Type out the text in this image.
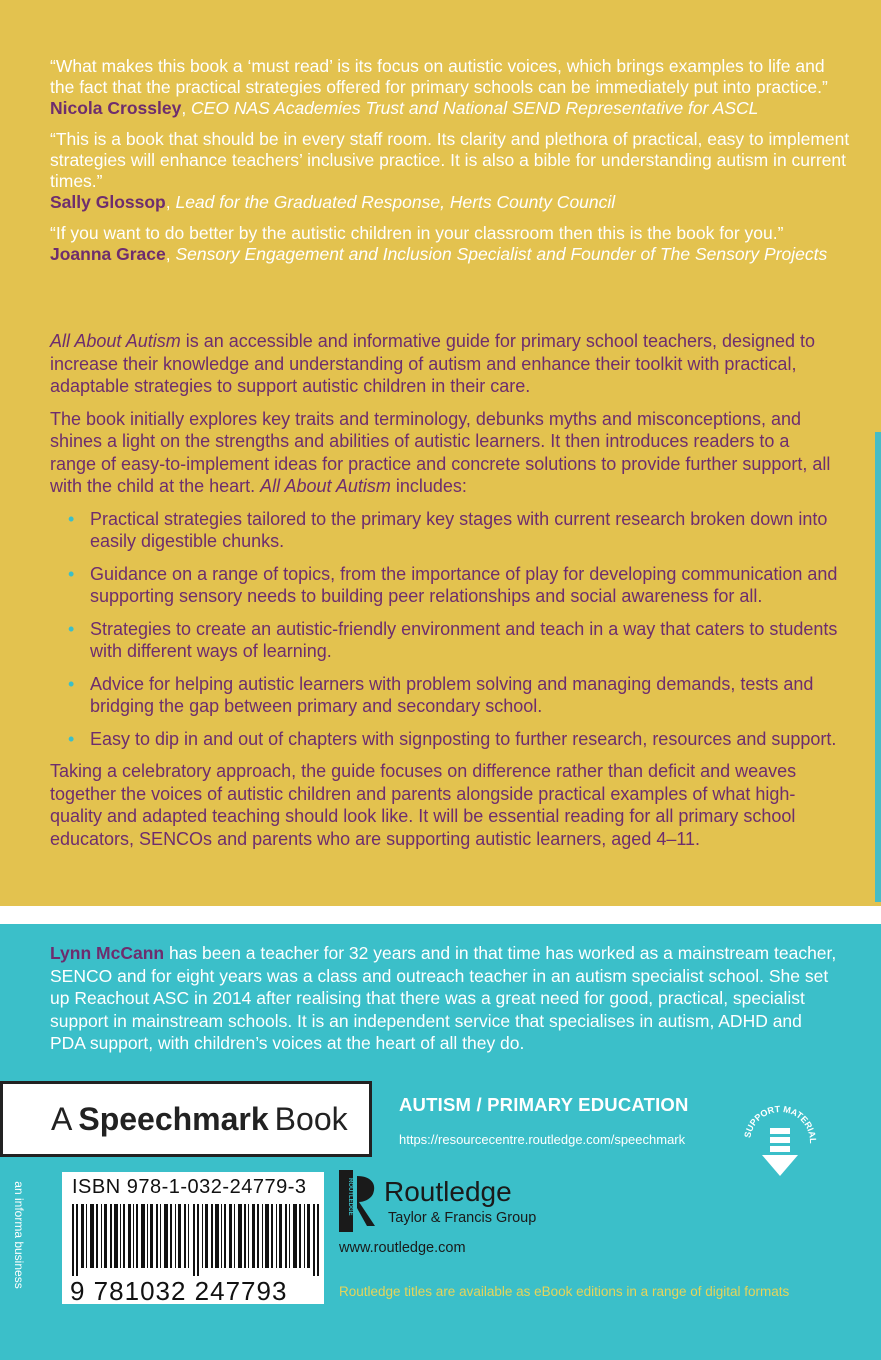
“What makes this book a ‘must read’ is its focus on autistic voices, which brings examples to life and the fact that the practical strategies offered for primary schools can be immediately put into practice.”
Nicola Crossley, CEO NAS Academies Trust and National SEND Representative for ASCL
“This is a book that should be in every staff room. Its clarity and plethora of practical, easy to implement strategies will enhance teachers’ inclusive practice. It is also a bible for understanding autism in current times.”
Sally Glossop, Lead for the Graduated Response, Herts County Council
“If you want to do better by the autistic children in your classroom then this is the book for you.”
Joanna Grace, Sensory Engagement and Inclusion Specialist and Founder of The Sensory Projects

All About Autism is an accessible and informative guide for primary school teachers, designed to increase their knowledge and understanding of autism and enhance their toolkit with practical, adaptable strategies to support autistic children in their care.

The book initially explores key traits and terminology, debunks myths and misconceptions, and shines a light on the strengths and abilities of autistic learners. It then introduces readers to a range of easy-to-implement ideas for practice and concrete solutions to provide further support, all with the child at the heart. All About Autism includes:

• Practical strategies tailored to the primary key stages with current research broken down into easily digestible chunks.
• Guidance on a range of topics, from the importance of play for developing communication and supporting sensory needs to building peer relationships and social awareness for all.
• Strategies to create an autistic-friendly environment and teach in a way that caters to students with different ways of learning.
• Advice for helping autistic learners with problem solving and managing demands, tests and bridging the gap between primary and secondary school.
• Easy to dip in and out of chapters with signposting to further research, resources and support.

Taking a celebratory approach, the guide focuses on difference rather than deficit and weaves together the voices of autistic children and parents alongside practical examples of what high-quality and adapted teaching should look like. It will be essential reading for all primary school educators, SENCOs and parents who are supporting autistic learners, aged 4–11.

Lynn McCann has been a teacher for 32 years and in that time has worked as a mainstream teacher, SENCO and for eight years was a class and outreach teacher in an autism specialist school. She set up Reachout ASC in 2014 after realising that there was a great need for good, practical, specialist support in mainstream schools. It is an independent service that specialises in autism, ADHD and PDA support, with children’s voices at the heart of all they do.
A Speechmark Book	AUTISM / PRIMARY EDUCATION
https://resourcecentre.routledge.com/speechmark	SUPPORT MATERIAL
an informa business ISBN 978-1-032-24779-3
9 781032 247793
ROUTLEDGE Routledge
Taylor & Francis Group
www.routledge.com
Routledge titles are available as eBook editions in a range of digital formats
